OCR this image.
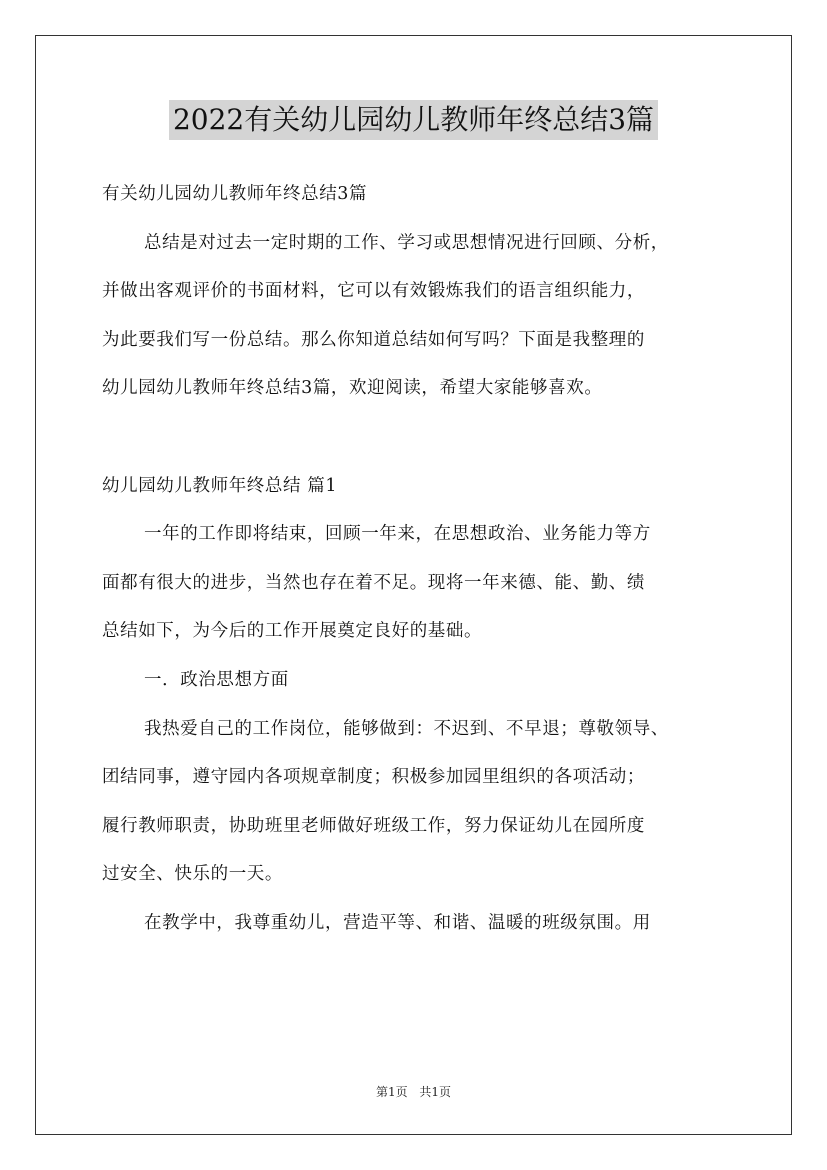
2022有关幼儿园幼儿教师年终总结3篇
有关幼儿园幼儿教师年终总结3篇
总结是对过去一定时期的工作、学习或思想情况进行回顾、分析，
并做出客观评价的书面材料，它可以有效锻炼我们的语言组织能力，
为此要我们写一份总结。那么你知道总结如何写吗？下面是我整理的
幼儿园幼儿教师年终总结3篇，欢迎阅读，希望大家能够喜欢。
幼儿园幼儿教师年终总结 篇1
一年的工作即将结束，回顾一年来，在思想政治、业务能力等方
面都有很大的进步，当然也存在着不足。现将一年来德、能、勤、绩
总结如下，为今后的工作开展奠定良好的基础。
一．政治思想方面
我热爱自己的工作岗位，能够做到：不迟到、不早退；尊敬领导、
团结同事，遵守园内各项规章制度；积极参加园里组织的各项活动；
履行教师职责，协助班里老师做好班级工作，努力保证幼儿在园所度
过安全、快乐的一天。
在教学中，我尊重幼儿，营造平等、和谐、温暖的班级氛围。用
第1页 共1页
